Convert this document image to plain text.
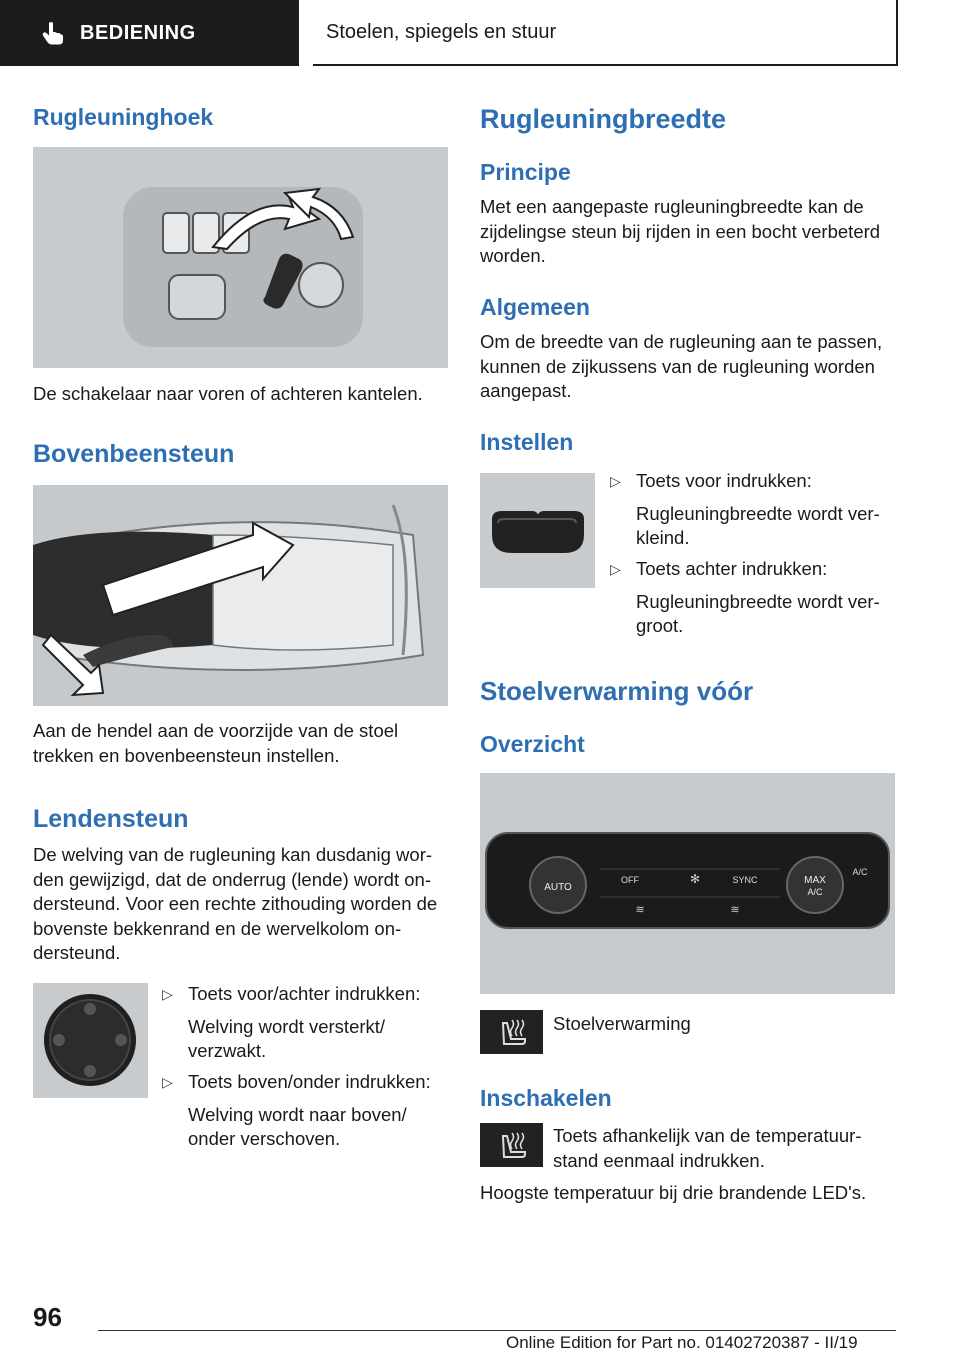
BEDIENING	Stoelen, spiegels en stuur
Rugleuninghoek

De schakelaar naar voren of achteren kantelen.

Bovenbeensteun

Aan de hendel aan de voorzijde van de stoel trekken en bovenbeensteun instellen.

Lendensteun

De welving van de rugleuning kan dusdanig wor-den gewijzigd, dat de onderrug (lende) wordt on-dersteund. Voor een rechte zithouding worden de bovenste bekkenrand en de wervelkolom on-dersteund.

▷ Toets voor/achter indrukken:
Welving wordt versterkt/ verzwakt.
▷ Toets boven/onder indrukken:
Welving wordt naar boven/ onder verschoven.
Rugleuningbreedte
Principe

Met een aangepaste rugleuningbreedte kan de zijdelingse steun bij rijden in een bocht verbeterd worden.

Algemeen

Om de breedte van de rugleuning aan te passen, kunnen de zijkussens van de rugleuning worden aangepast.

Instellen
▷ Toets voor indrukken:
Rugleuningbreedte wordt ver-kleind.
▷ Toets achter indrukken:
Rugleuningbreedte wordt ver-groot.
Stoelverwarming vóór
Overzicht
AUTO
MAX
A/C
OFF	SYNC
A/C
✻
≋	≋

Stoelverwarming

Inschakelen

Toets afhankelijk van de temperatuur-stand eenmaal indrukken.

Hoogste temperatuur bij drie brandende LED's.

96
Online Edition for Part no. 01402720387 - II/19
